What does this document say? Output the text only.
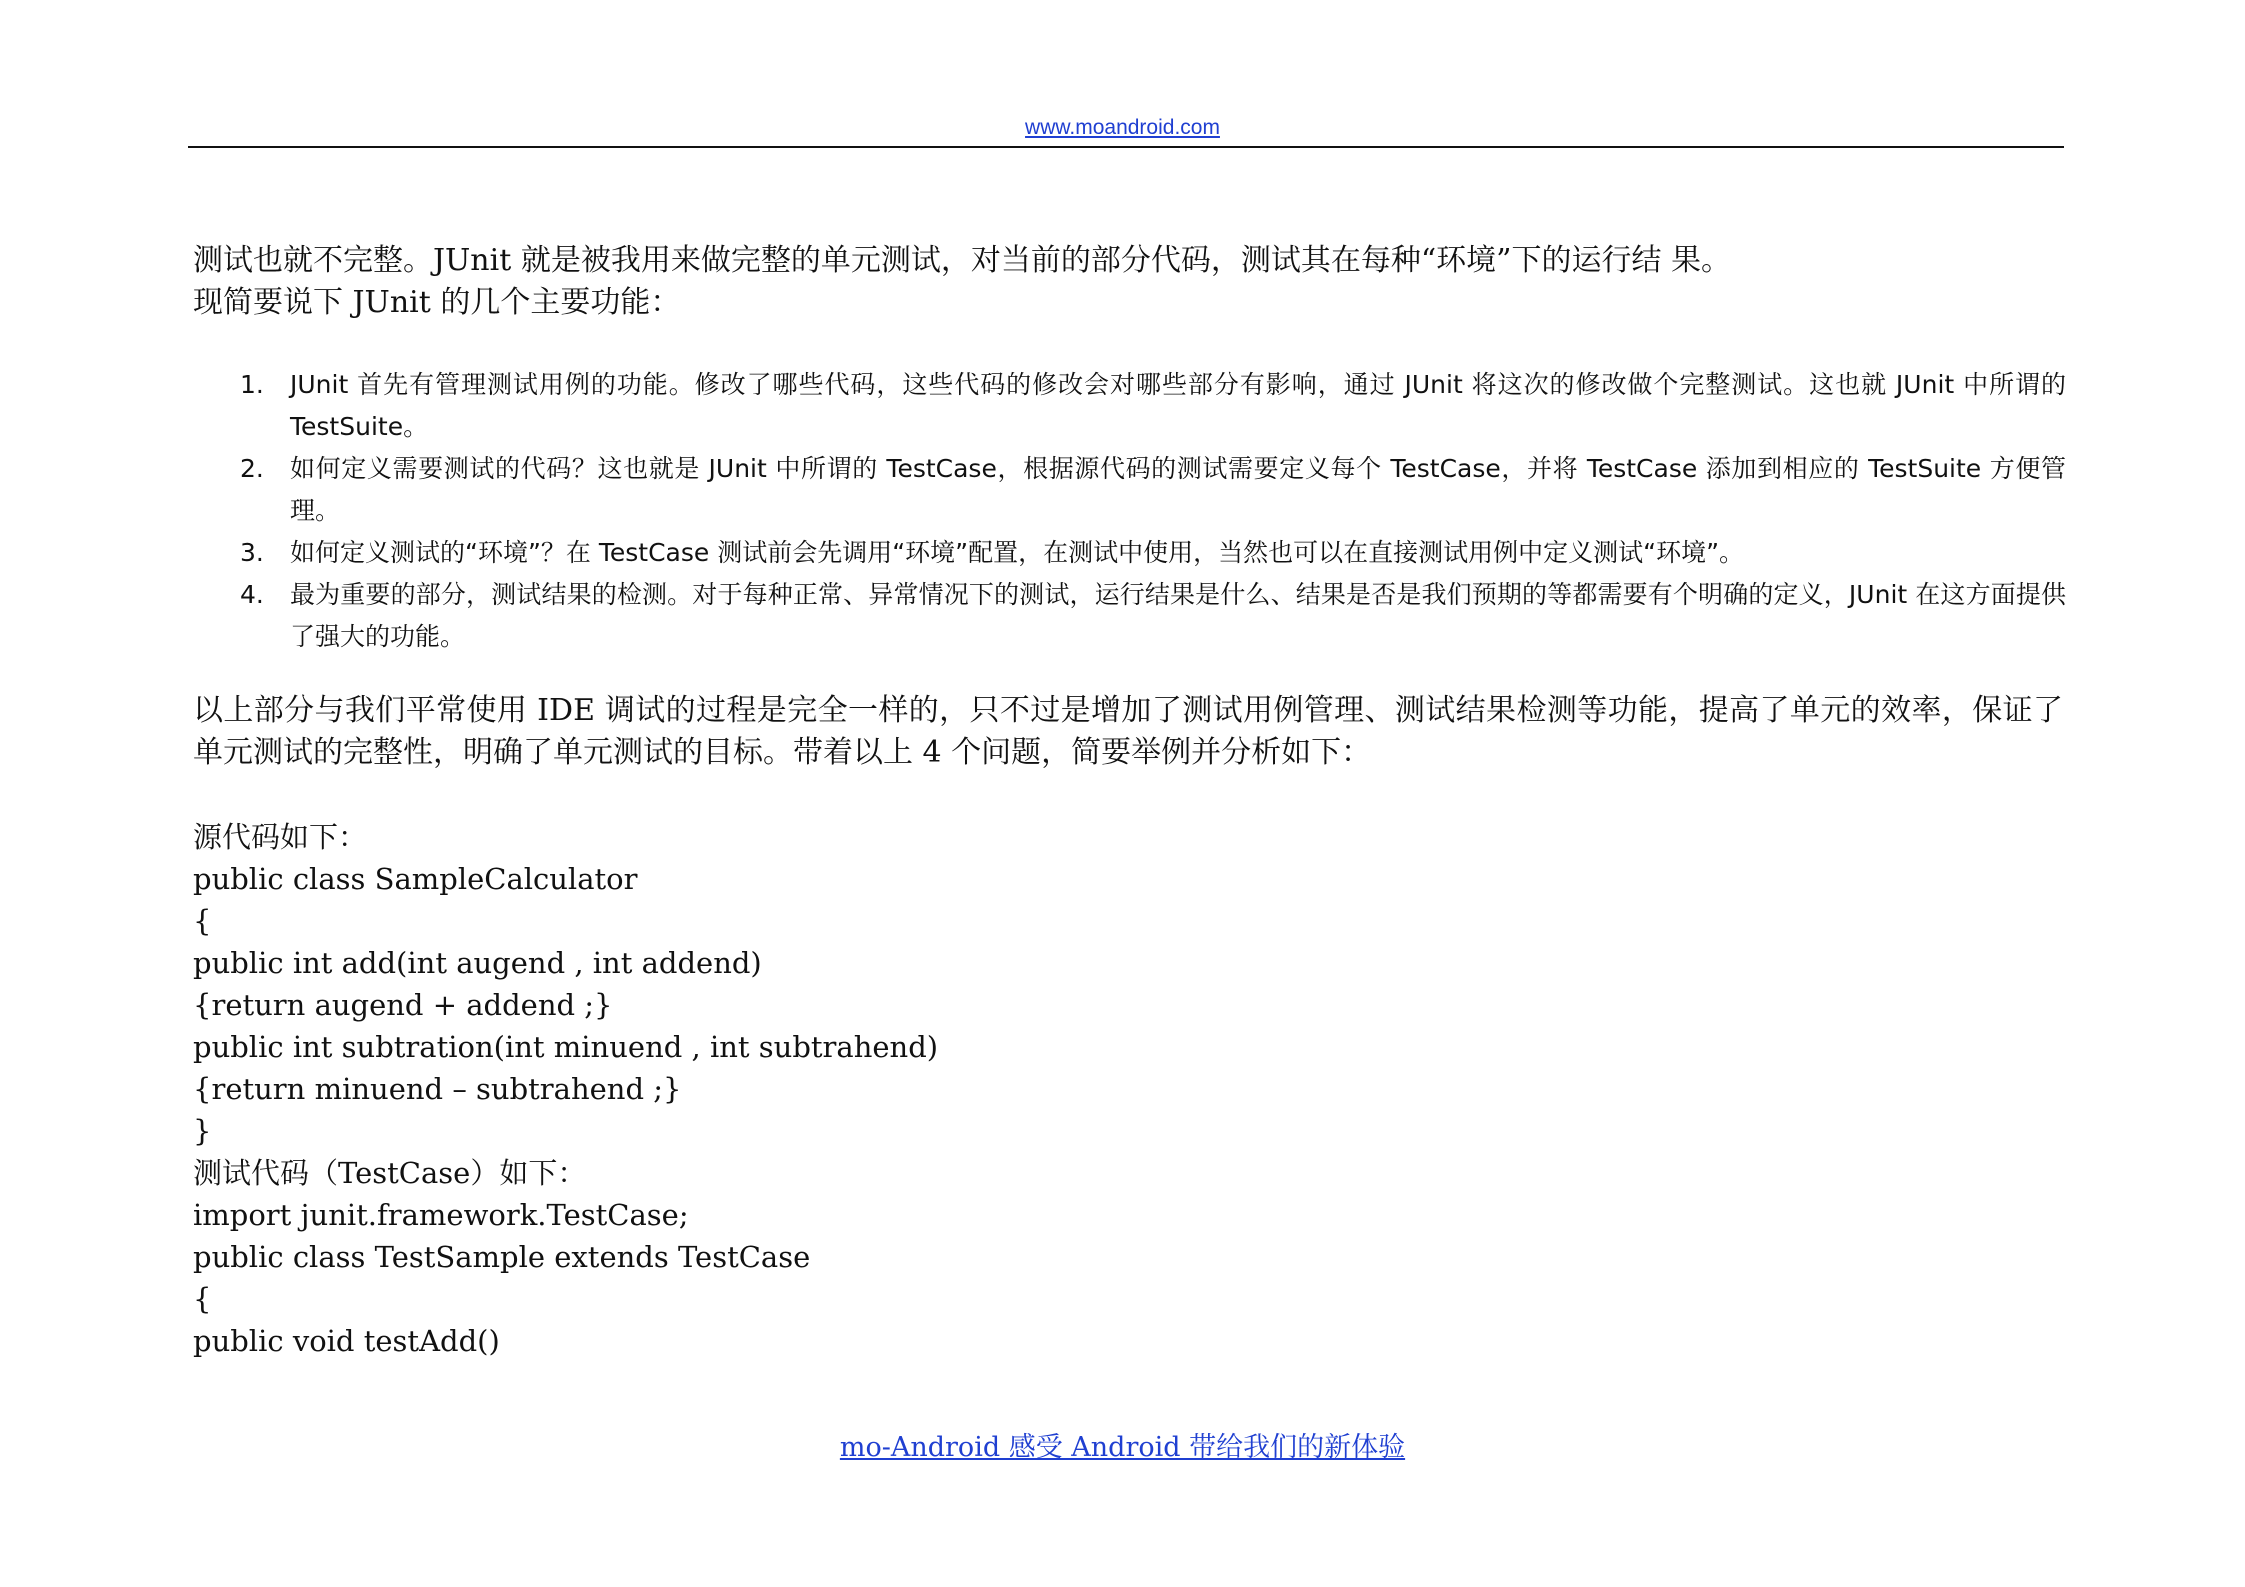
www.moandroid.com
测试也就不完整。JUnit 就是被我用来做完整的单元测试，对当前的部分代码，测试其在每种“环境”下的运行结 果。
现简要说下 JUnit 的几个主要功能：
1. JUnit 首先有管理测试用例的功能。修改了哪些代码，这些代码的修改会对哪些部分有影响，通过 JUnit 将这次的修改做个完整测试。这也就 JUnit 中所谓的 TestSuite。
2. 如何定义需要测试的代码？这也就是 JUnit 中所谓的 TestCase，根据源代码的测试需要定义每个 TestCase，并将 TestCase 添加到相应的 TestSuite 方便管理。
3. 如何定义测试的“环境”？在 TestCase 测试前会先调用“环境”配置，在测试中使用，当然也可以在直接测试用例中定义测试“环境”。
4. 最为重要的部分，测试结果的检测。对于每种正常、异常情况下的测试，运行结果是什么、结果是否是我们预期的等都需要有个明确的定义，JUnit 在这方面提供了强大的功能。
以上部分与我们平常使用 IDE 调试的过程是完全一样的，只不过是增加了测试用例管理、测试结果检测等功能，提高了单元的效率，保证了单元测试的完整性，明确了单元测试的目标。带着以上 4 个问题，简要举例并分析如下：
源代码如下：
public class SampleCalculator
{
public int add(int augend , int addend)
{return augend + addend ;}
public int subtration(int minuend , int subtrahend)
{return minuend – subtrahend ;}
}
测试代码（TestCase）如下：
import junit.framework.TestCase;
public class TestSample extends TestCase
{
public void testAdd()
mo-Android 感受 Android 带给我们的新体验
